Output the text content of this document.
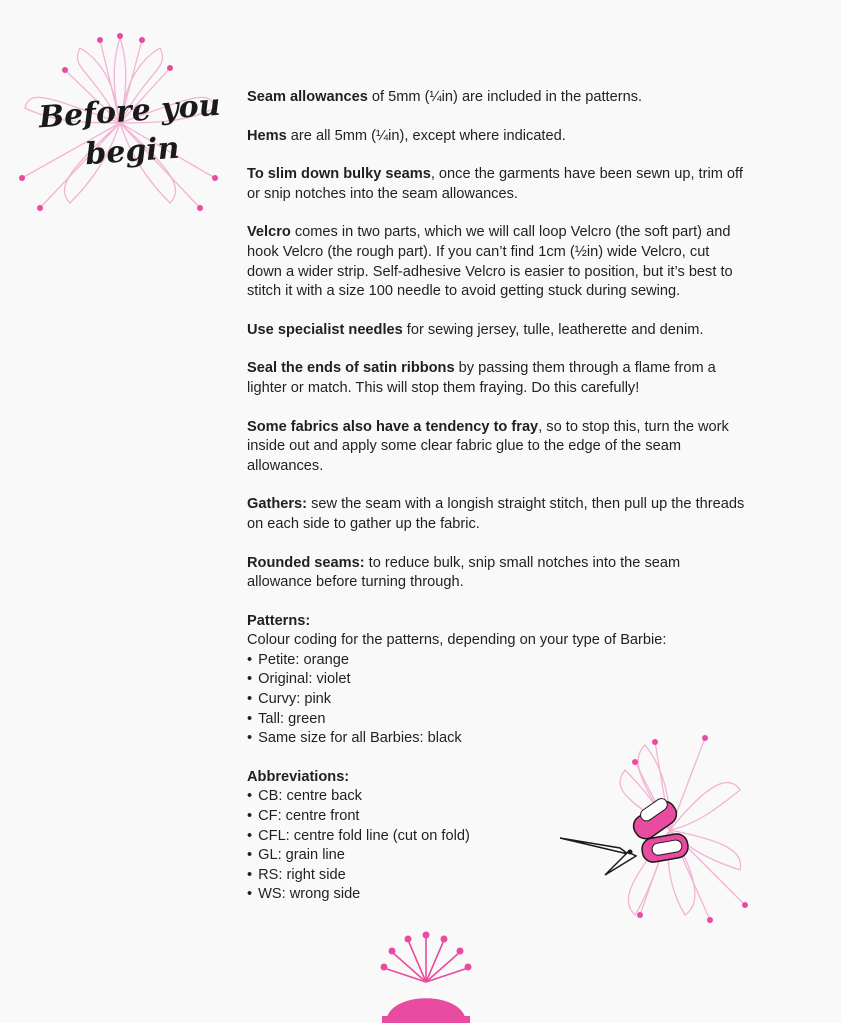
Before you begin

Seam allowances of 5mm (¼in) are included in the patterns.

Hems are all 5mm (¼in), except where indicated.

To slim down bulky seams, once the garments have been sewn up, trim off or snip notches into the seam allowances.

Velcro comes in two parts, which we will call loop Velcro (the soft part) and hook Velcro (the rough part). If you can’t find 1cm (½in) wide Velcro, cut down a wider strip. Self-adhesive Velcro is easier to position, but it’s best to stitch it with a size 100 needle to avoid getting stuck during sewing.

Use specialist needles for sewing jersey, tulle, leatherette and denim.

Seal the ends of satin ribbons by passing them through a flame from a lighter or match. This will stop them fraying. Do this carefully!

Some fabrics also have a tendency to fray, so to stop this, turn the work inside out and apply some clear fabric glue to the edge of the seam allowances.

Gathers: sew the seam with a longish straight stitch, then pull up the threads on each side to gather up the fabric.

Rounded seams: to reduce bulk, snip small notches into the seam allowance before turning through.

Patterns:

Colour coding for the patterns, depending on your type of Barbie:

• Petite: orange
• Original: violet
• Curvy: pink
• Tall: green
• Same size for all Barbies: black

Abbreviations:

• CB: centre back
• CF: centre front
• CFL: centre fold line (cut on fold)
• GL: grain line
• RS: right side
• WS: wrong side
4
